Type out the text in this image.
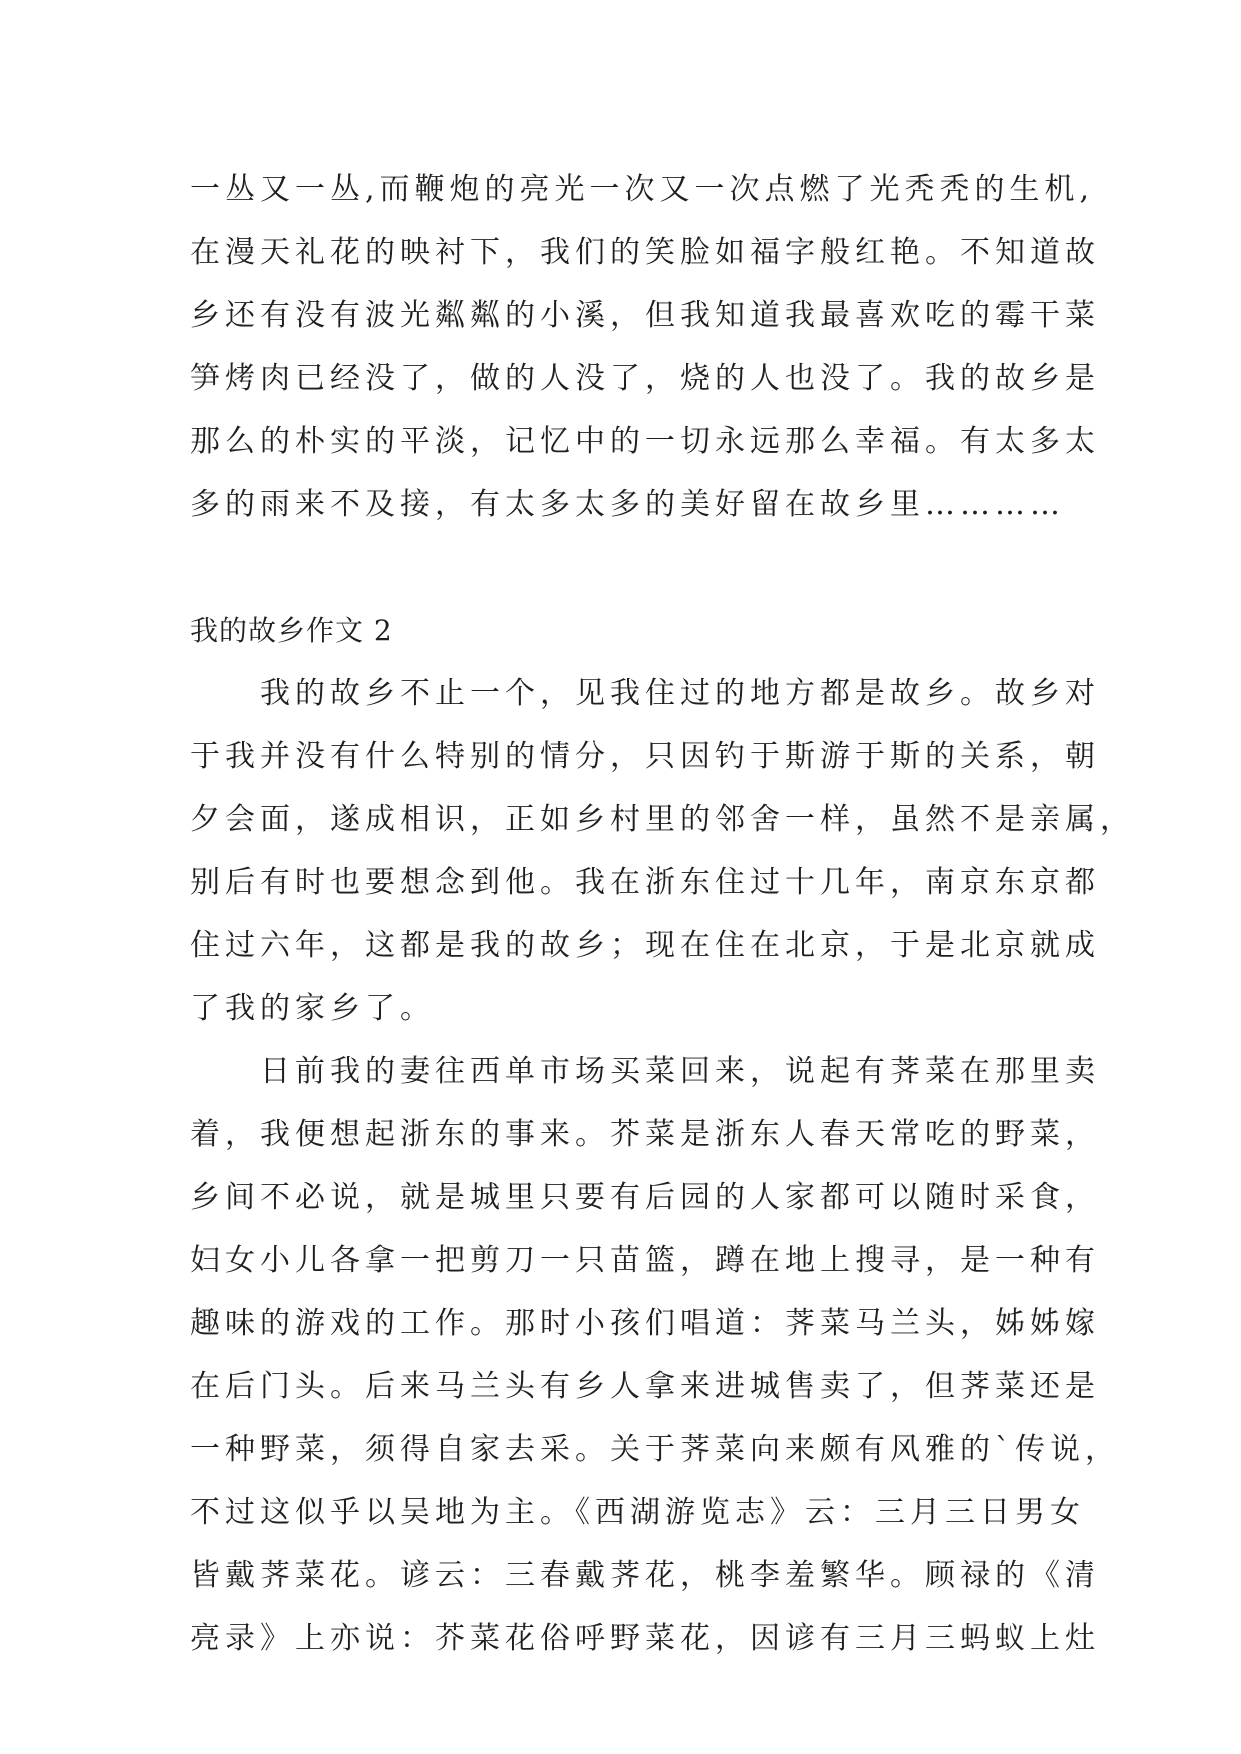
一丛又一丛,而鞭炮的亮光一次又一次点燃了光秃秃的生机,
在漫天礼花的映衬下，我们的笑脸如福字般红艳。不知道故
乡还有没有波光粼粼的小溪，但我知道我最喜欢吃的霉干菜
笋烤肉已经没了，做的人没了，烧的人也没了。我的故乡是
那么的朴实的平淡，记忆中的一切永远那么幸福。有太多太
多的雨来不及接，有太多太多的美好留在故乡里…………
我的故乡作文 2
我的故乡不止一个，见我住过的地方都是故乡。故乡对
于我并没有什么特别的情分，只因钓于斯游于斯的关系，朝
夕会面，遂成相识，正如乡村里的邻舍一样，虽然不是亲属，
别后有时也要想念到他。我在浙东住过十几年，南京东京都
住过六年，这都是我的故乡；现在住在北京，于是北京就成
了我的家乡了。
日前我的妻往西单市场买菜回来，说起有荠菜在那里卖
着，我便想起浙东的事来。芥菜是浙东人春天常吃的野菜，
乡间不必说，就是城里只要有后园的人家都可以随时采食，
妇女小儿各拿一把剪刀一只苗篮，蹲在地上搜寻，是一种有
趣味的游戏的工作。那时小孩们唱道：荠菜马兰头，姊姊嫁
在后门头。后来马兰头有乡人拿来进城售卖了，但荠菜还是
一种野菜，须得自家去采。关于荠菜向来颇有风雅的`传说，
不过这似乎以吴地为主。《西湖游览志》云：三月三日男女
皆戴荠菜花。谚云：三春戴荠花，桃李羞繁华。顾禄的《清
亮录》上亦说：芥菜花俗呼野菜花，因谚有三月三蚂蚁上灶
